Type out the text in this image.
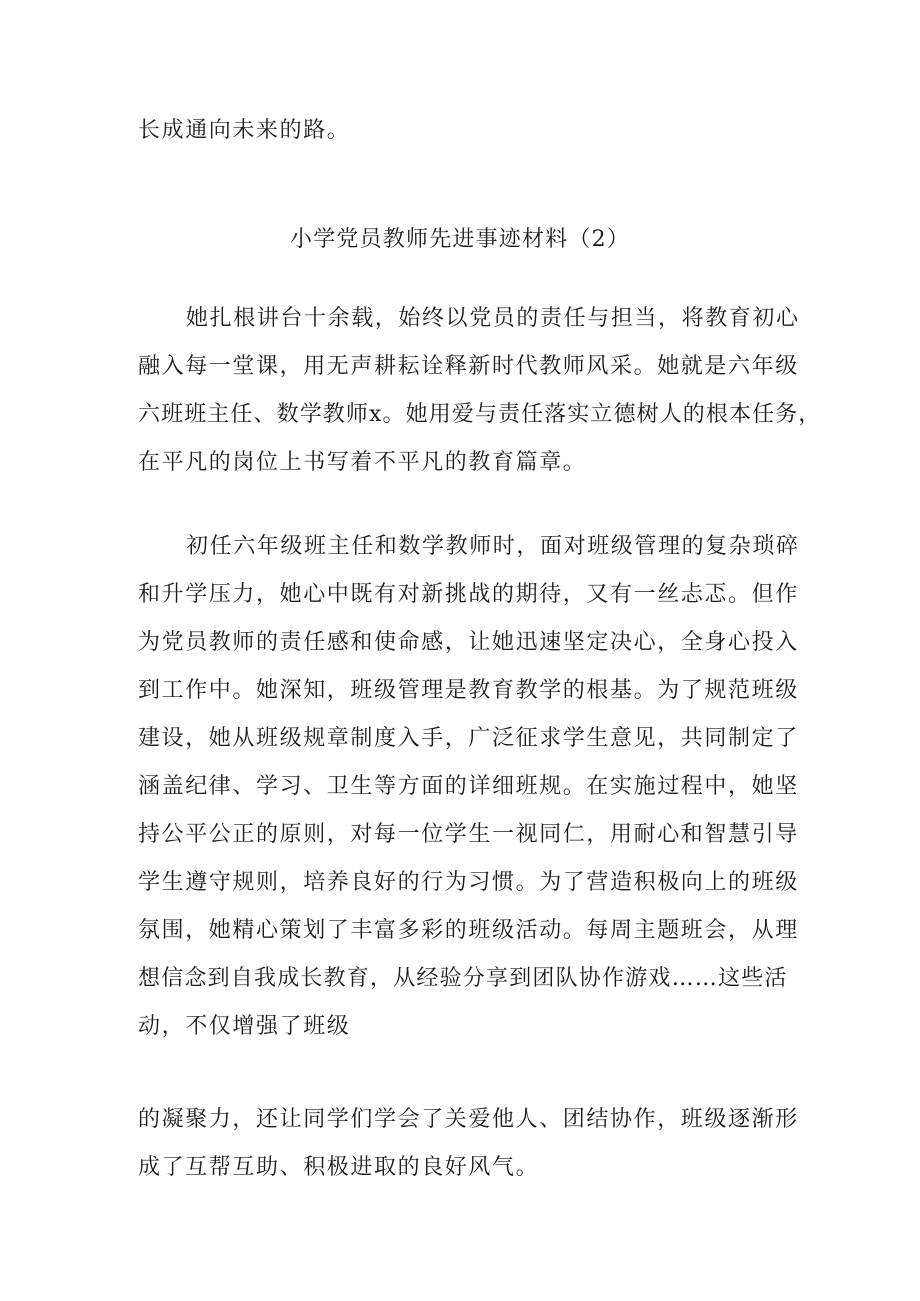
长成通向未来的路。
小学党员教师先进事迹材料（2）
她扎根讲台十余载，始终以党员的责任与担当，将教育初心
融入每一堂课，用无声耕耘诠释新时代教师风采。她就是六年级
六班班主任、数学教师x。她用爱与责任落实立德树人的根本任务，
在平凡的岗位上书写着不平凡的教育篇章。
初任六年级班主任和数学教师时，面对班级管理的复杂琐碎
和升学压力，她心中既有对新挑战的期待，又有一丝忐忑。但作
为党员教师的责任感和使命感，让她迅速坚定决心，全身心投入
到工作中。她深知，班级管理是教育教学的根基。为了规范班级
建设，她从班级规章制度入手，广泛征求学生意见，共同制定了
涵盖纪律、学习、卫生等方面的详细班规。在实施过程中，她坚
持公平公正的原则，对每一位学生一视同仁，用耐心和智慧引导
学生遵守规则，培养良好的行为习惯。为了营造积极向上的班级
氛围，她精心策划了丰富多彩的班级活动。每周主题班会，从理
想信念到自我成长教育，从经验分享到团队协作游戏……这些活
动，不仅增强了班级
的凝聚力，还让同学们学会了关爱他人、团结协作，班级逐渐形
成了互帮互助、积极进取的良好风气。
